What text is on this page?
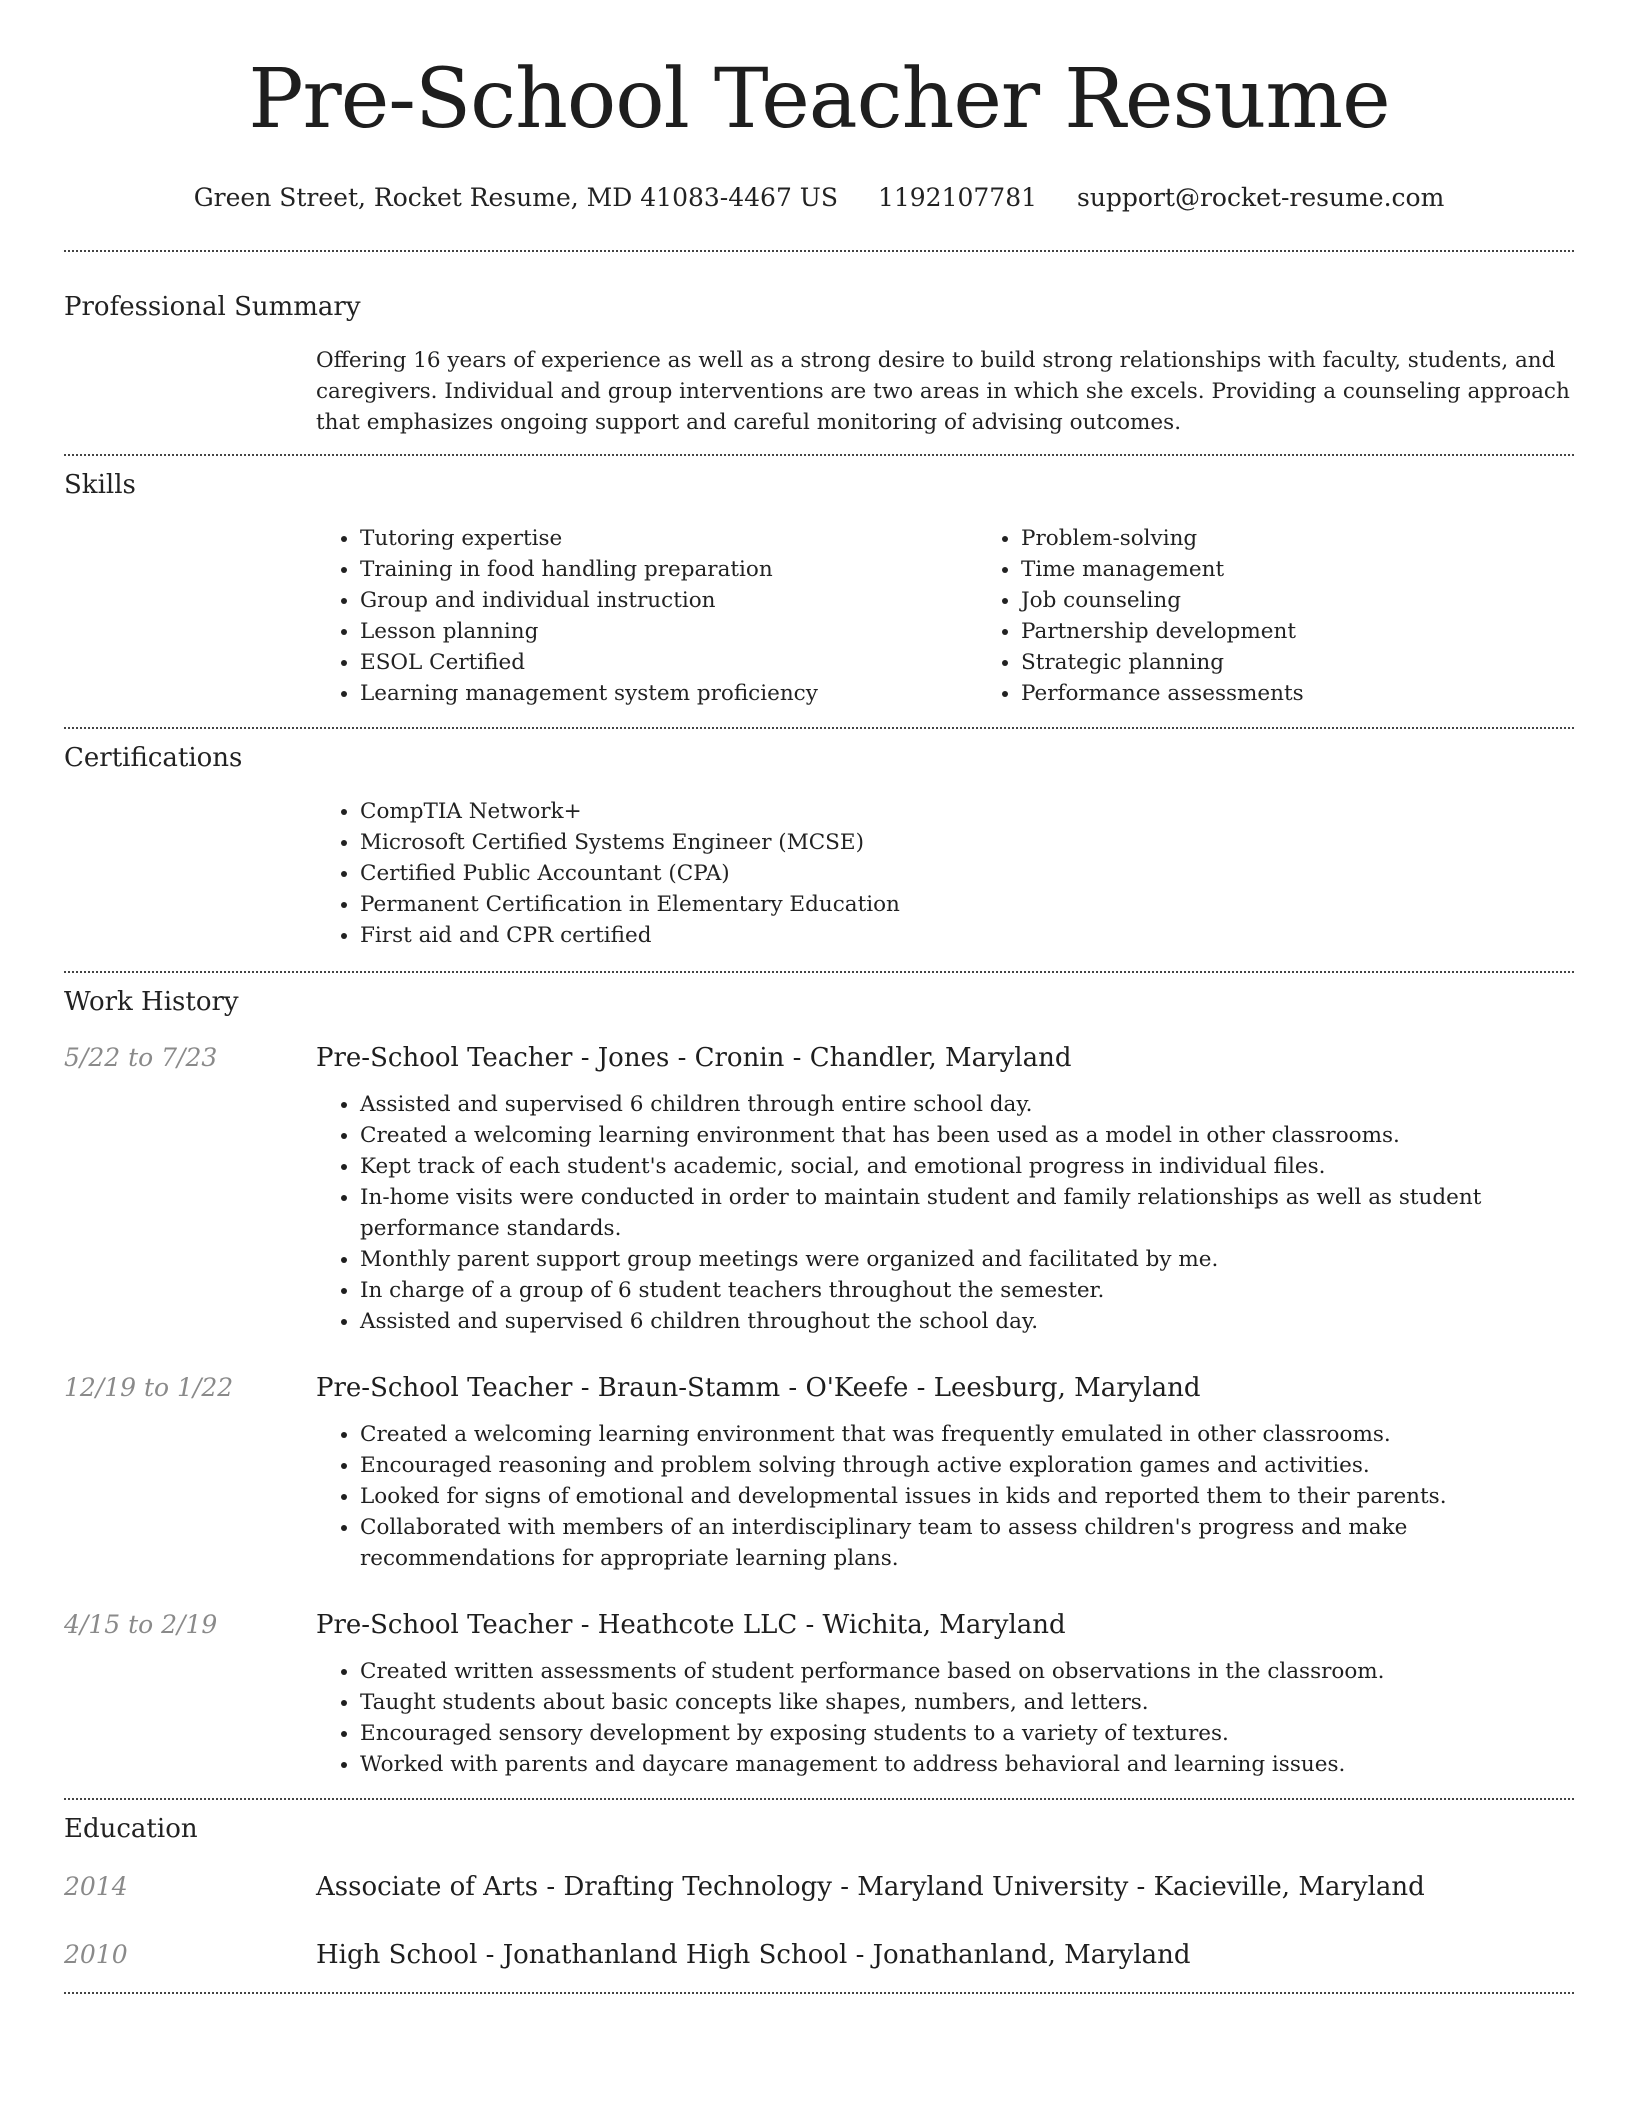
Pre-School Teacher Resume
Green Street, Rocket Resume, MD 41083-4467 US 1192107781 support@rocket-resume.com
Professional Summary

Offering 16 years of experience as well as a strong desire to build strong relationships with faculty, students, and caregivers. Individual and group interventions are two areas in which she excels. Providing a counseling approach that emphasizes ongoing support and careful monitoring of advising outcomes.

Skills
• Tutoring expertise
• Training in food handling preparation
• Group and individual instruction
• Lesson planning
• ESOL Certified
• Learning management system proficiency
• Problem-solving
• Time management
• Job counseling
• Partnership development
• Strategic planning
• Performance assessments
Certifications
• CompTIA Network+
• Microsoft Certified Systems Engineer (MCSE)
• Certified Public Accountant (CPA)
• Permanent Certification in Elementary Education
• First aid and CPR certified
Work History
5/22 to 7/23	Pre-School Teacher - Jones - Cronin - Chandler, Maryland
• Assisted and supervised 6 children through entire school day.
• Created a welcoming learning environment that has been used as a model in other classrooms.
• Kept track of each student's academic, social, and emotional progress in individual files.
• In-home visits were conducted in order to maintain student and family relationships as well as student performance standards.
• Monthly parent support group meetings were organized and facilitated by me.
• In charge of a group of 6 student teachers throughout the semester.
• Assisted and supervised 6 children throughout the school day.
12/19 to 1/22	Pre-School Teacher - Braun-Stamm - O'Keefe - Leesburg, Maryland
• Created a welcoming learning environment that was frequently emulated in other classrooms.
• Encouraged reasoning and problem solving through active exploration games and activities.
• Looked for signs of emotional and developmental issues in kids and reported them to their parents.
• Collaborated with members of an interdisciplinary team to assess children's progress and make recommendations for appropriate learning plans.
4/15 to 2/19	Pre-School Teacher - Heathcote LLC - Wichita, Maryland
• Created written assessments of student performance based on observations in the classroom.
• Taught students about basic concepts like shapes, numbers, and letters.
• Encouraged sensory development by exposing students to a variety of textures.
• Worked with parents and daycare management to address behavioral and learning issues.
Education
2014	Associate of Arts - Drafting Technology - Maryland University - Kacieville, Maryland
2010	High School - Jonathanland High School - Jonathanland, Maryland
